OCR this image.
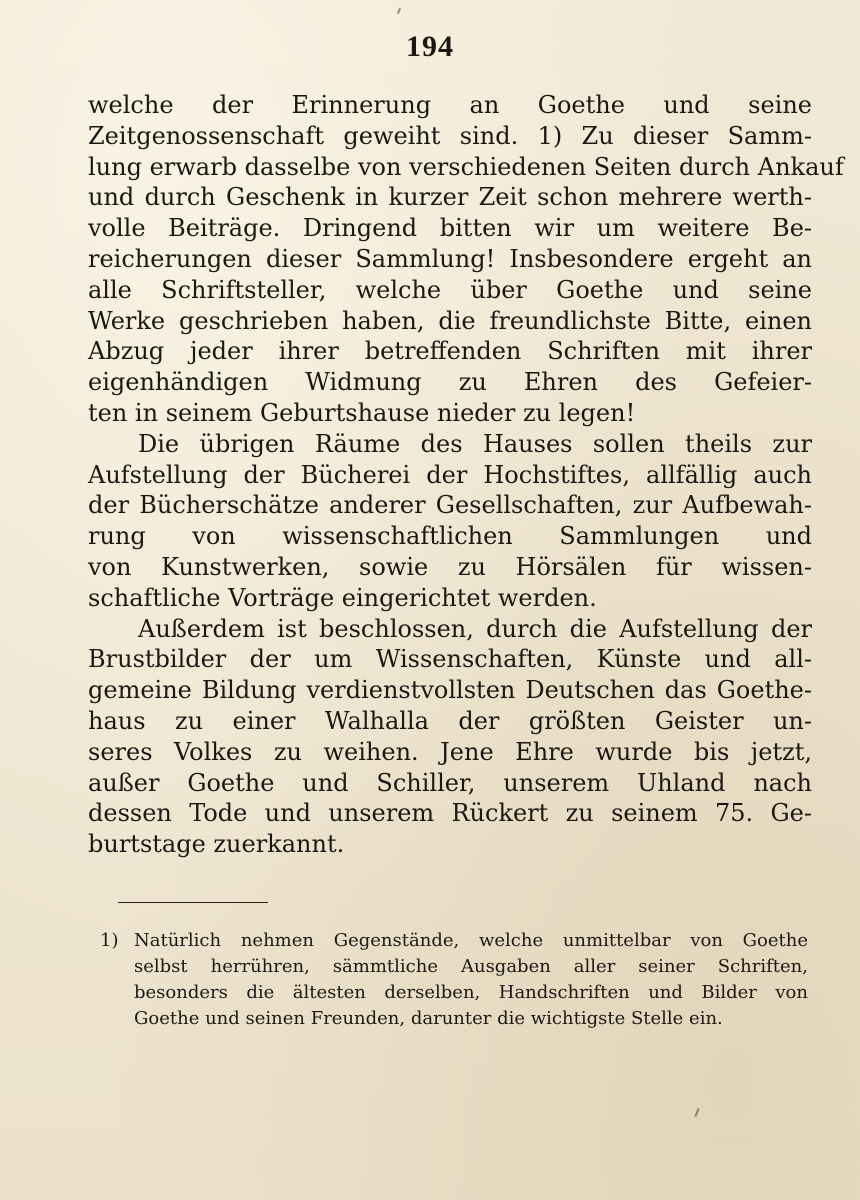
194
welche der Erinnerung an Goethe und seine
Zeitgenossenschaft geweiht sind. 1) Zu dieser Samm-
lung erwarb dasselbe von verschiedenen Seiten durch Ankauf
und durch Geschenk in kurzer Zeit schon mehrere werth-
volle Beiträge. Dringend bitten wir um weitere Be-
reicherungen dieser Sammlung! Insbesondere ergeht an
alle Schriftsteller, welche über Goethe und seine
Werke geschrieben haben, die freundlichste Bitte, einen
Abzug jeder ihrer betreffenden Schriften mit ihrer
eigenhändigen Widmung zu Ehren des Gefeier-
ten in seinem Geburtshause nieder zu legen!
Die übrigen Räume des Hauses sollen theils zur
Aufstellung der Bücherei der Hochstiftes, allfällig auch
der Bücherschätze anderer Gesellschaften, zur Aufbewah-
rung von wissenschaftlichen Sammlungen und
von Kunstwerken, sowie zu Hörsälen für wissen-
schaftliche Vorträge eingerichtet werden.
Außerdem ist beschlossen, durch die Aufstellung der
Brustbilder der um Wissenschaften, Künste und all-
gemeine Bildung verdienstvollsten Deutschen das Goethe-
haus zu einer Walhalla der größten Geister un-
seres Volkes zu weihen. Jene Ehre wurde bis jetzt,
außer Goethe und Schiller, unserem Uhland nach
dessen Tode und unserem Rückert zu seinem 75. Ge-
burtstage zuerkannt.
1) Natürlich nehmen Gegenstände, welche unmittelbar von Goethe
selbst herrühren, sämmtliche Ausgaben aller seiner Schriften,
besonders die ältesten derselben, Handschriften und Bilder von
Goethe und seinen Freunden, darunter die wichtigste Stelle ein.
